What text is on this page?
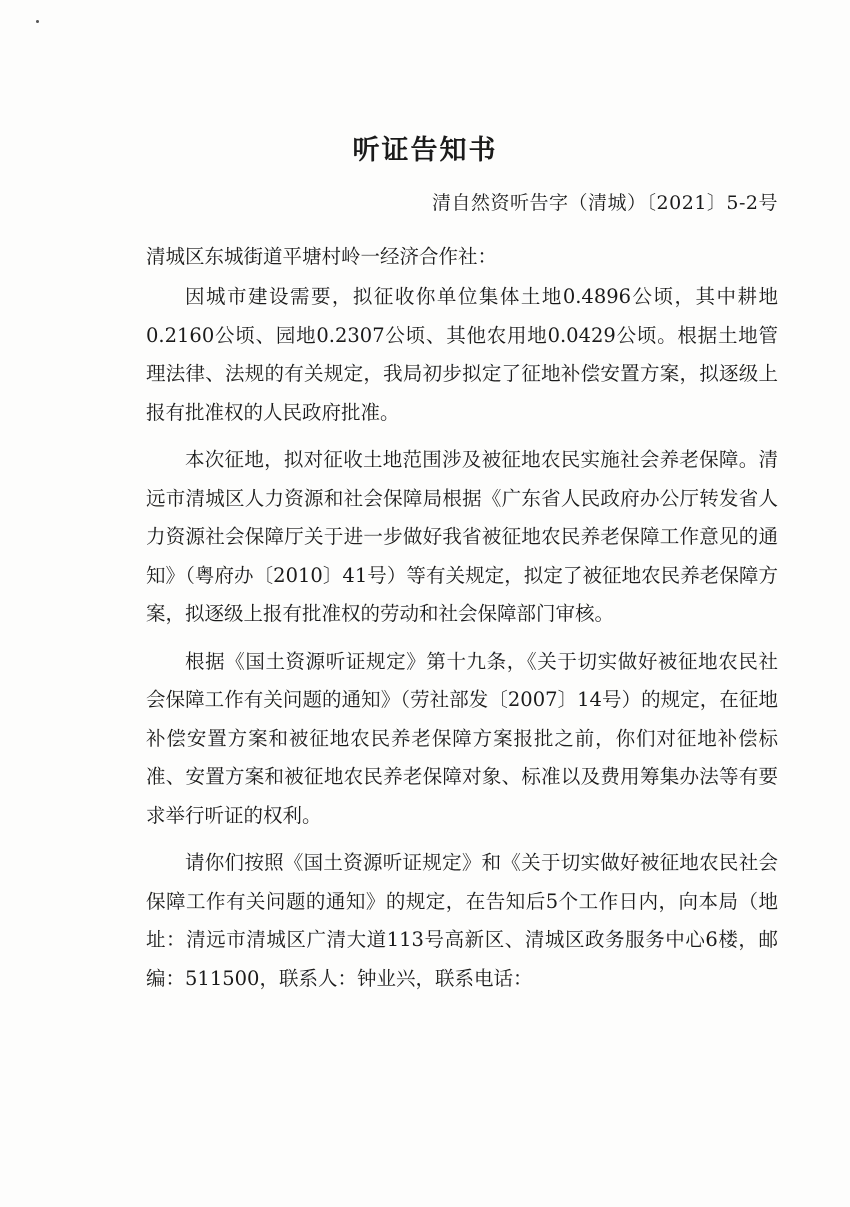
听证告知书
清自然资听告字（清城）〔2021〕5-2号
清城区东城街道平塘村岭一经济合作社：

因城市建设需要，拟征收你单位集体土地0.4896公顷，其中耕地0.2160公顷、园地0.2307公顷、其他农用地0.0429公顷。根据土地管理法律、法规的有关规定，我局初步拟定了征地补偿安置方案，拟逐级上报有批准权的人民政府批准。

本次征地，拟对征收土地范围涉及被征地农民实施社会养老保障。清远市清城区人力资源和社会保障局根据《广东省人民政府办公厅转发省人力资源社会保障厅关于进一步做好我省被征地农民养老保障工作意见的通知》（粤府办〔2010〕41号）等有关规定，拟定了被征地农民养老保障方案，拟逐级上报有批准权的劳动和社会保障部门审核。

根据《国土资源听证规定》第十九条，《关于切实做好被征地农民社会保障工作有关问题的通知》（劳社部发〔2007〕14号）的规定，在征地补偿安置方案和被征地农民养老保障方案报批之前，你们对征地补偿标准、安置方案和被征地农民养老保障对象、标准以及费用筹集办法等有要求举行听证的权利。

请你们按照《国土资源听证规定》和《关于切实做好被征地农民社会保障工作有关问题的通知》的规定，在告知后5个工作日内，向本局（地址：清远市清城区广清大道113号高新区、清城区政务服务中心6楼，邮编：511500，联系人：钟业兴，联系电话：
